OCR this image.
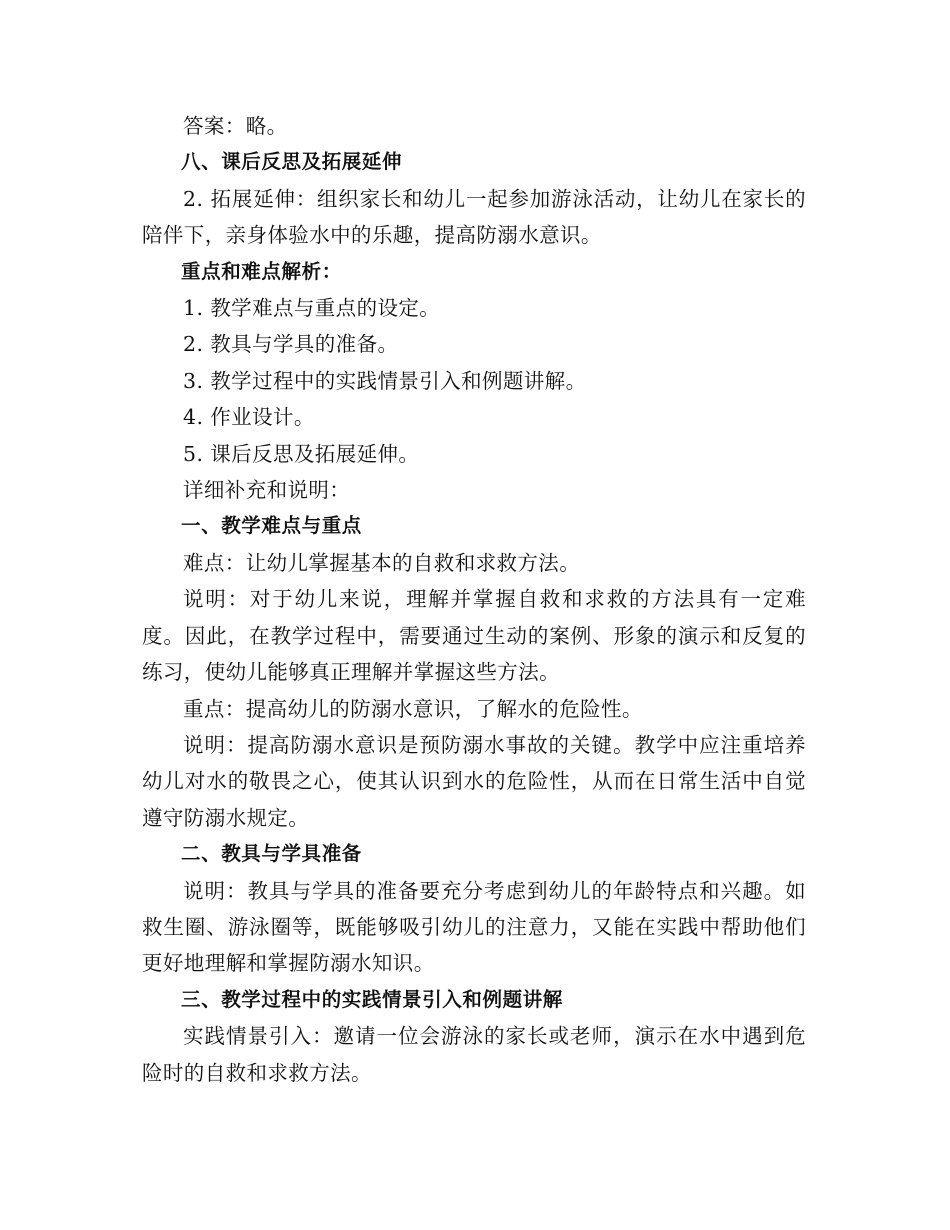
答案：略。

八、课后反思及拓展延伸

2. 拓展延伸：组织家长和幼儿一起参加游泳活动，让幼儿在家长的陪伴下，亲身体验水中的乐趣，提高防溺水意识。

重点和难点解析：

1. 教学难点与重点的设定。

2. 教具与学具的准备。

3. 教学过程中的实践情景引入和例题讲解。

4. 作业设计。

5. 课后反思及拓展延伸。

详细补充和说明：

一、教学难点与重点

难点：让幼儿掌握基本的自救和求救方法。

说明：对于幼儿来说，理解并掌握自救和求救的方法具有一定难度。因此，在教学过程中，需要通过生动的案例、形象的演示和反复的练习，使幼儿能够真正理解并掌握这些方法。

重点：提高幼儿的防溺水意识，了解水的危险性。

说明：提高防溺水意识是预防溺水事故的关键。教学中应注重培养幼儿对水的敬畏之心，使其认识到水的危险性，从而在日常生活中自觉遵守防溺水规定。

二、教具与学具准备

说明：教具与学具的准备要充分考虑到幼儿的年龄特点和兴趣。如救生圈、游泳圈等，既能够吸引幼儿的注意力，又能在实践中帮助他们更好地理解和掌握防溺水知识。

三、教学过程中的实践情景引入和例题讲解

实践情景引入：邀请一位会游泳的家长或老师，演示在水中遇到危险时的自救和求救方法。
